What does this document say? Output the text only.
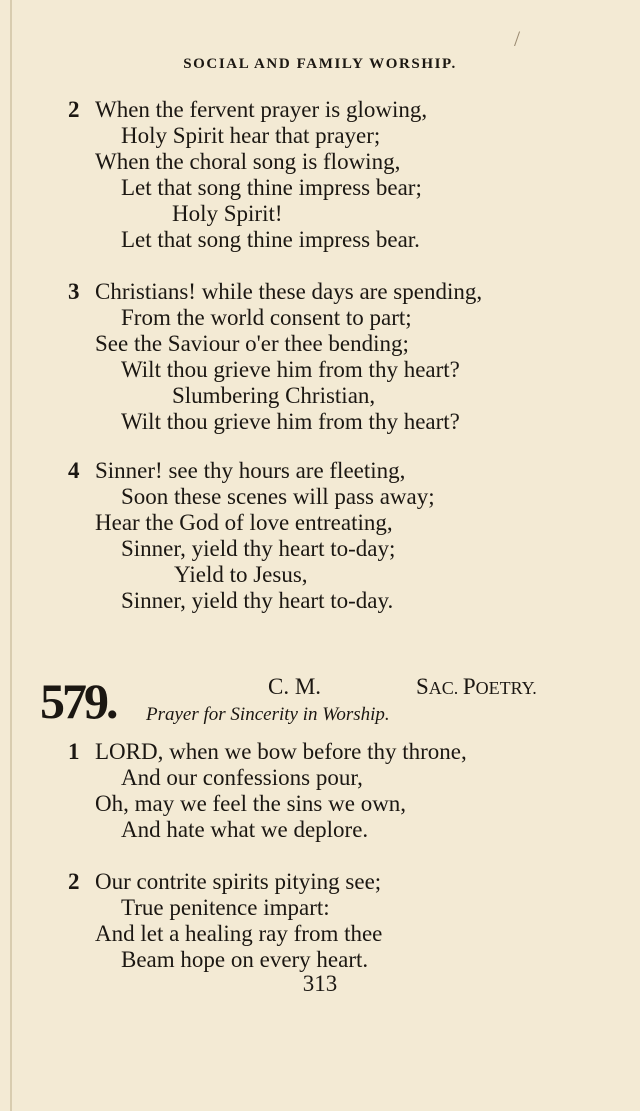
/
SOCIAL AND FAMILY WORSHIP.
2 When the fervent prayer is glowing,
Holy Spirit hear that prayer;
When the choral song is flowing,
Let that song thine impress bear;
Holy Spirit!
Let that song thine impress bear.
3 Christians! while these days are spending,
From the world consent to part;
See the Saviour o'er thee bending;
Wilt thou grieve him from thy heart?
Slumbering Christian,
Wilt thou grieve him from thy heart?
4 Sinner! see thy hours are fleeting,
Soon these scenes will pass away;
Hear the God of love entreating,
Sinner, yield thy heart to-day;
Yield to Jesus,
Sinner, yield thy heart to-day.
579.	C. M.	SAC. POETRY.
Prayer for Sincerity in Worship.
1 LORD, when we bow before thy throne,
And our confessions pour,
Oh, may we feel the sins we own,
And hate what we deplore.
2 Our contrite spirits pitying see;
True penitence impart:
And let a healing ray from thee
Beam hope on every heart.
313
